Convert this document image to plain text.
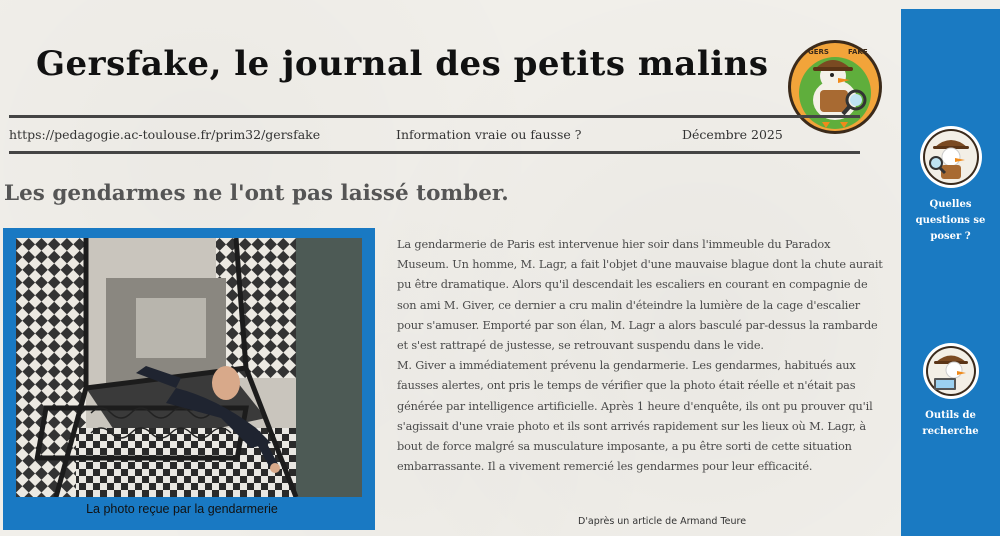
Gersfake, le journal des petits malins	GERS	FAKE
https://pedagogie.ac-toulouse.fr/prim32/gersfake	Information vraie ou fausse ?	Décembre 2025
Les gendarmes ne l'ont pas laissé tomber.
La photo reçue par la gendarmerie

La gendarmerie de Paris est intervenue hier soir dans l'immeuble du Paradox Museum. Un homme, M. Lagr, a fait l'objet d'une mauvaise blague dont la chute aurait pu être dramatique. Alors qu'il descendait les escaliers en courant en compagnie de son ami M. Giver, ce dernier a cru malin d'éteindre la lumière de la cage d'escalier pour s'amuser. Emporté par son élan, M. Lagr a alors basculé par-dessus la rambarde et s'est rattrapé de justesse, se retrouvant suspendu dans le vide.

M. Giver a immédiatement prévenu la gendarmerie. Les gendarmes, habitués aux fausses alertes, ont pris le temps de vérifier que la photo était réelle et n'était pas générée par intelligence artificielle. Après 1 heure d'enquête, ils ont pu prouver qu'il s'agissait d'une vraie photo et ils sont arrivés rapidement sur les lieux où M. Lagr, à bout de force malgré sa musculature imposante, a pu être sorti de cette situation embarrassante. Il a vivement remercié les gendarmes pour leur efficacité.

D'après un article de Armand Teure
Quelles questions se poser ?
Outils de recherche
